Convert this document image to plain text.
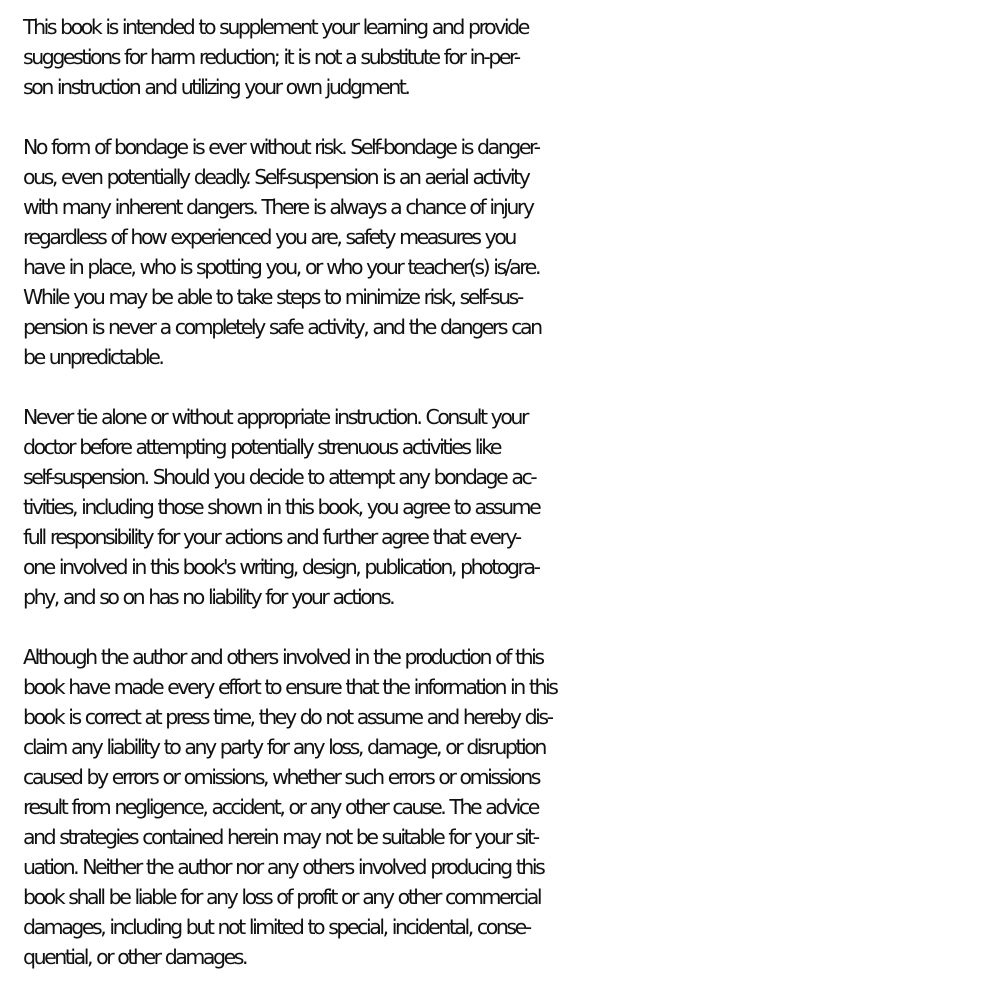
This book is intended to supplement your learning and provide
suggestions for harm reduction; it is not a substitute for in-per-
son instruction and utilizing your own judgment.
No form of bondage is ever without risk. Self-bondage is danger-
ous, even potentially deadly. Self-suspension is an aerial activity
with many inherent dangers. There is always a chance of injury
regardless of how experienced you are, safety measures you
have in place, who is spotting you, or who your teacher(s) is/are.
While you may be able to take steps to minimize risk, self-sus-
pension is never a completely safe activity, and the dangers can
be unpredictable.
Never tie alone or without appropriate instruction. Consult your
doctor before attempting potentially strenuous activities like
self-suspension. Should you decide to attempt any bondage ac-
tivities, including those shown in this book, you agree to assume
full responsibility for your actions and further agree that every-
one involved in this book's writing, design, publication, photogra-
phy, and so on has no liability for your actions.
Although the author and others involved in the production of this
book have made every effort to ensure that the information in this
book is correct at press time, they do not assume and hereby dis-
claim any liability to any party for any loss, damage, or disruption
caused by errors or omissions, whether such errors or omissions
result from negligence, accident, or any other cause. The advice
and strategies contained herein may not be suitable for your sit-
uation. Neither the author nor any others involved producing this
book shall be liable for any loss of profit or any other commercial
damages, including but not limited to special, incidental, conse-
quential, or other damages.
